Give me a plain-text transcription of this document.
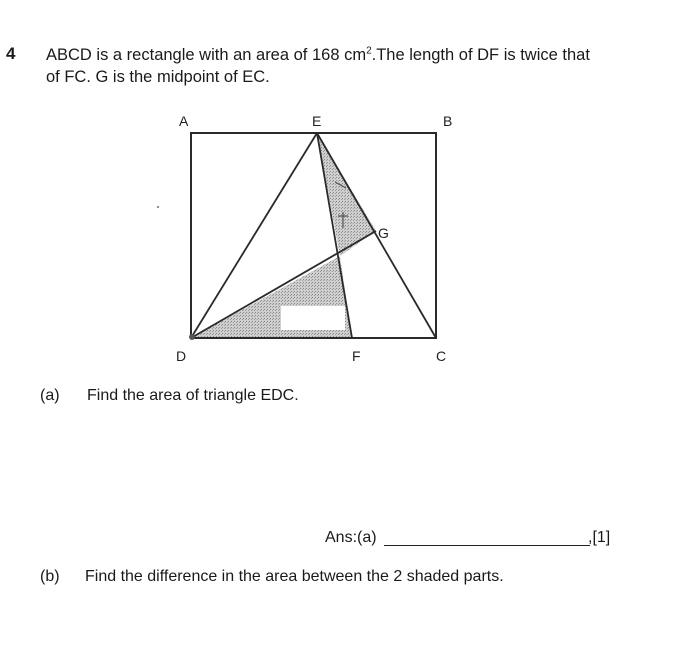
4 ABCD is a rectangle with an area of 168 $cm^2.The$ length of DF is twice that
of FC. G is the midpoint of EC.
A	E	B
G
D	F	C
(a) Find the area of triangle EDC.
Ans:(a)	,[1]
(b) Find the difference in the area between the 2 shaded parts.
